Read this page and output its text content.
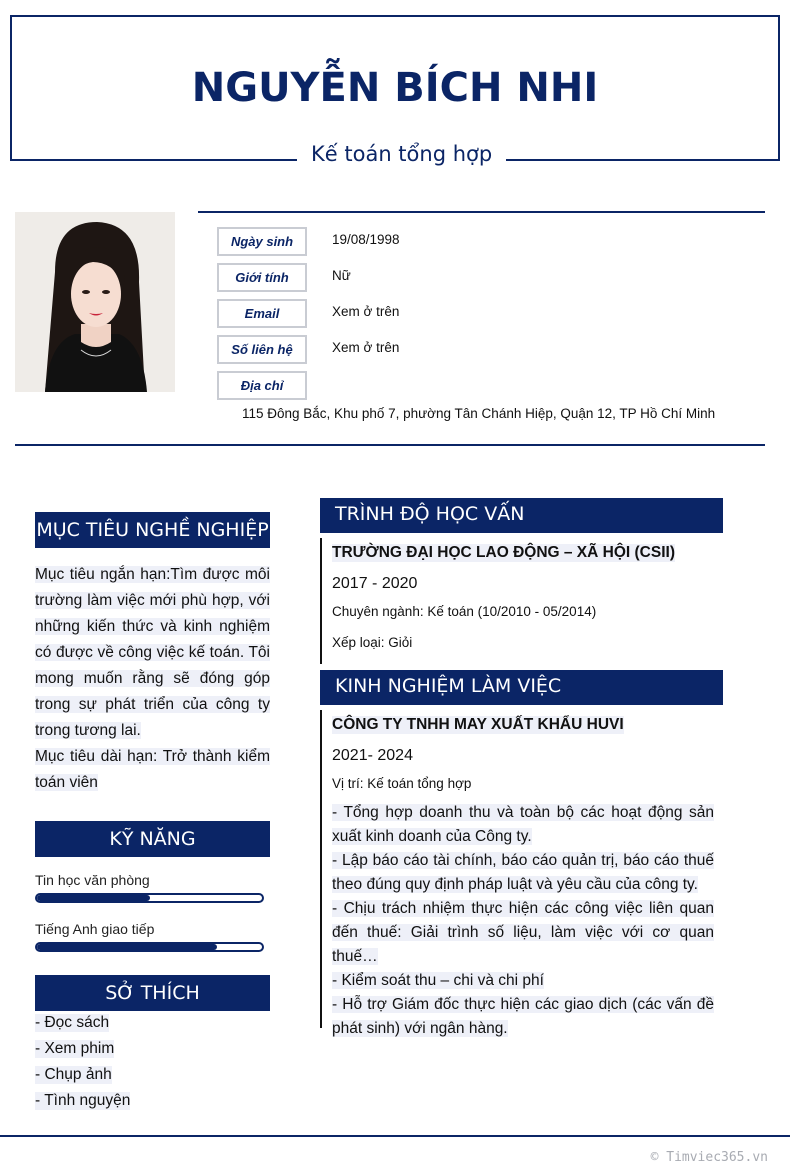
NGUYỄN BÍCH NHI
Kế toán tổng hợp
Ngày sinh	19/08/1998
Giới tính	Nữ
Email	Xem ở trên
Số liên hệ	Xem ở trên
Địa chỉ
115 Đông Bắc, Khu phố 7, phường Tân Chánh Hiệp, Quận 12, TP Hồ Chí Minh
MỤC TIÊU NGHỀ NGHIỆP

Mục tiêu ngắn hạn:Tìm được môi trường làm việc mới phù hợp, với những kiến thức và kinh nghiệm có được về công việc kế toán. Tôi mong muốn rằng sẽ đóng góp trong sự phát triển của công ty trong tương lai.

Mục tiêu dài hạn: Trở thành kiểm toán viên

KỸ NĂNG
Tin học văn phòng
Tiếng Anh giao tiếp
SỞ THÍCH
- Đọc sách
- Xem phim
- Chụp ảnh
- Tình nguyện
TRÌNH ĐỘ HỌC VẤN
TRƯỜNG ĐẠI HỌC LAO ĐỘNG – XÃ HỘI (CSII)
2017 - 2020
Chuyên ngành: Kế toán (10/2010 - 05/2014)
Xếp loại: Giỏi
KINH NGHIỆM LÀM VIỆC
CÔNG TY TNHH MAY XUẤT KHẨU HUVI
2021- 2024
Vị trí: Kế toán tổng hợp
- Tổng hợp doanh thu và toàn bộ các hoạt động sản xuất kinh doanh của Công ty.
- Lập báo cáo tài chính, báo cáo quản trị, báo cáo thuế theo đúng quy định pháp luật và yêu cầu của công ty.
- Chịu trách nhiệm thực hiện các công việc liên quan đến thuế: Giải trình số liệu, làm việc với cơ quan thuế…
- Kiểm soát thu – chi và chi phí
- Hỗ trợ Giám đốc thực hiện các giao dịch (các vấn đề phát sinh) với ngân hàng.
© Timviec365.vn
